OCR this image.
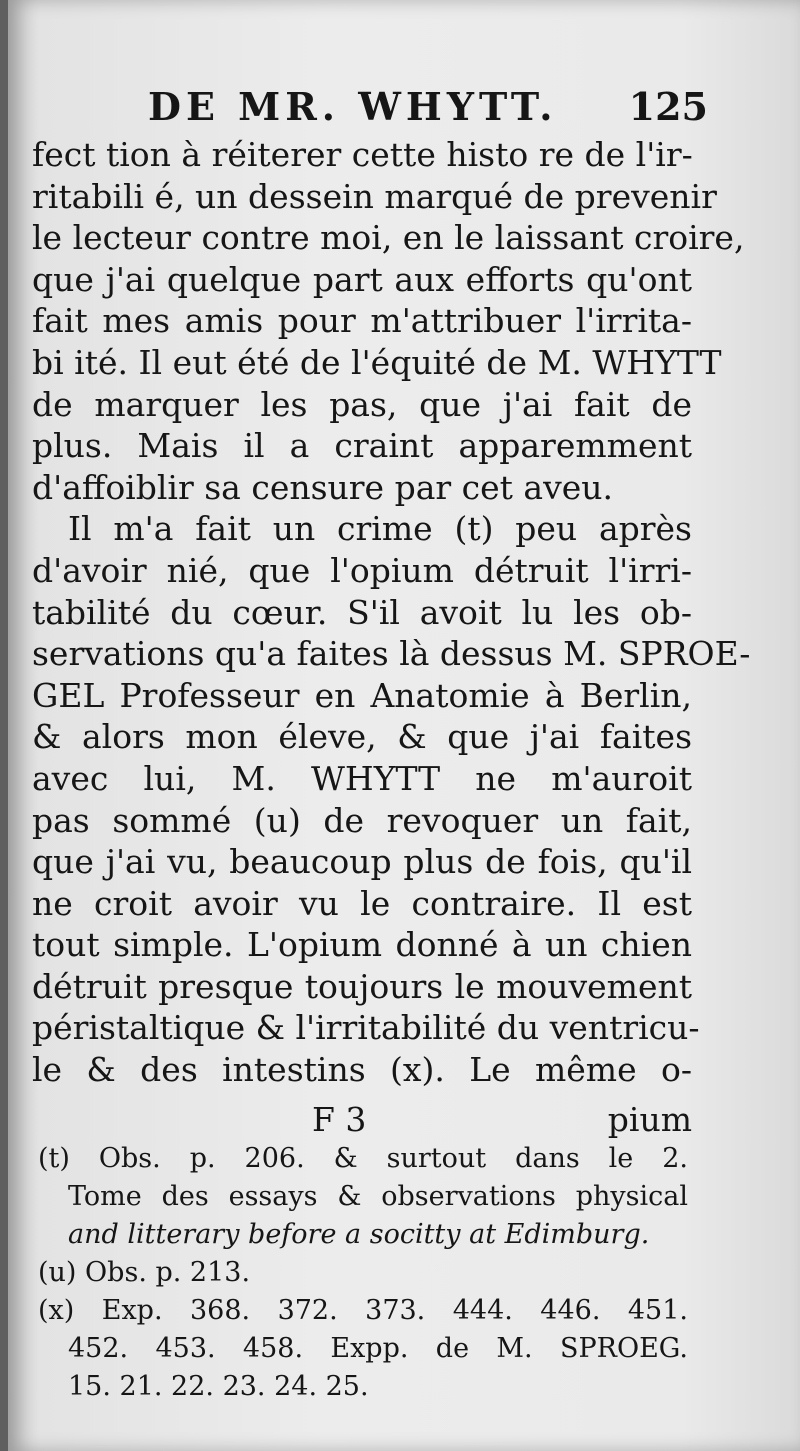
DE MR. WHYTT. 125
fect tion à réiterer cette histo re de l'ir-
ritabili é, un dessein marqué de prevenir
le lecteur contre moi, en le laissant croire,
que j'ai quelque part aux efforts qu'ont
fait mes amis pour m'attribuer l'irrita-
bi ité. Il eut été de l'équité de M. WHYTT
de marquer les pas, que j'ai fait de
plus. Mais il a craint apparemment
d'affoiblir sa censure par cet aveu.
Il m'a fait un crime (t) peu après
d'avoir nié, que l'opium détruit l'irri-
tabilité du cœur. S'il avoit lu les ob-
servations qu'a faites là dessus M. SPROE-
GEL Professeur en Anatomie à Berlin,
& alors mon éleve, & que j'ai faites
avec lui, M. WHYTT ne m'auroit
pas sommé (u) de revoquer un fait,
que j'ai vu, beaucoup plus de fois, qu'il
ne croit avoir vu le contraire. Il est
tout simple. L'opium donné à un chien
détruit presque toujours le mouvement
péristaltique & l'irritabilité du ventricu-
le & des intestins (x). Le même o-
F 3	pium
(t) Obs. p. 206. & surtout dans le 2.
Tome des essays & observations physical
and litterary before a socitty at Edimburg.
(u) Obs. p. 213.
(x) Exp. 368. 372. 373. 444. 446. 451.
452. 453. 458. Expp. de M. SPROEG.
15. 21. 22. 23. 24. 25.
